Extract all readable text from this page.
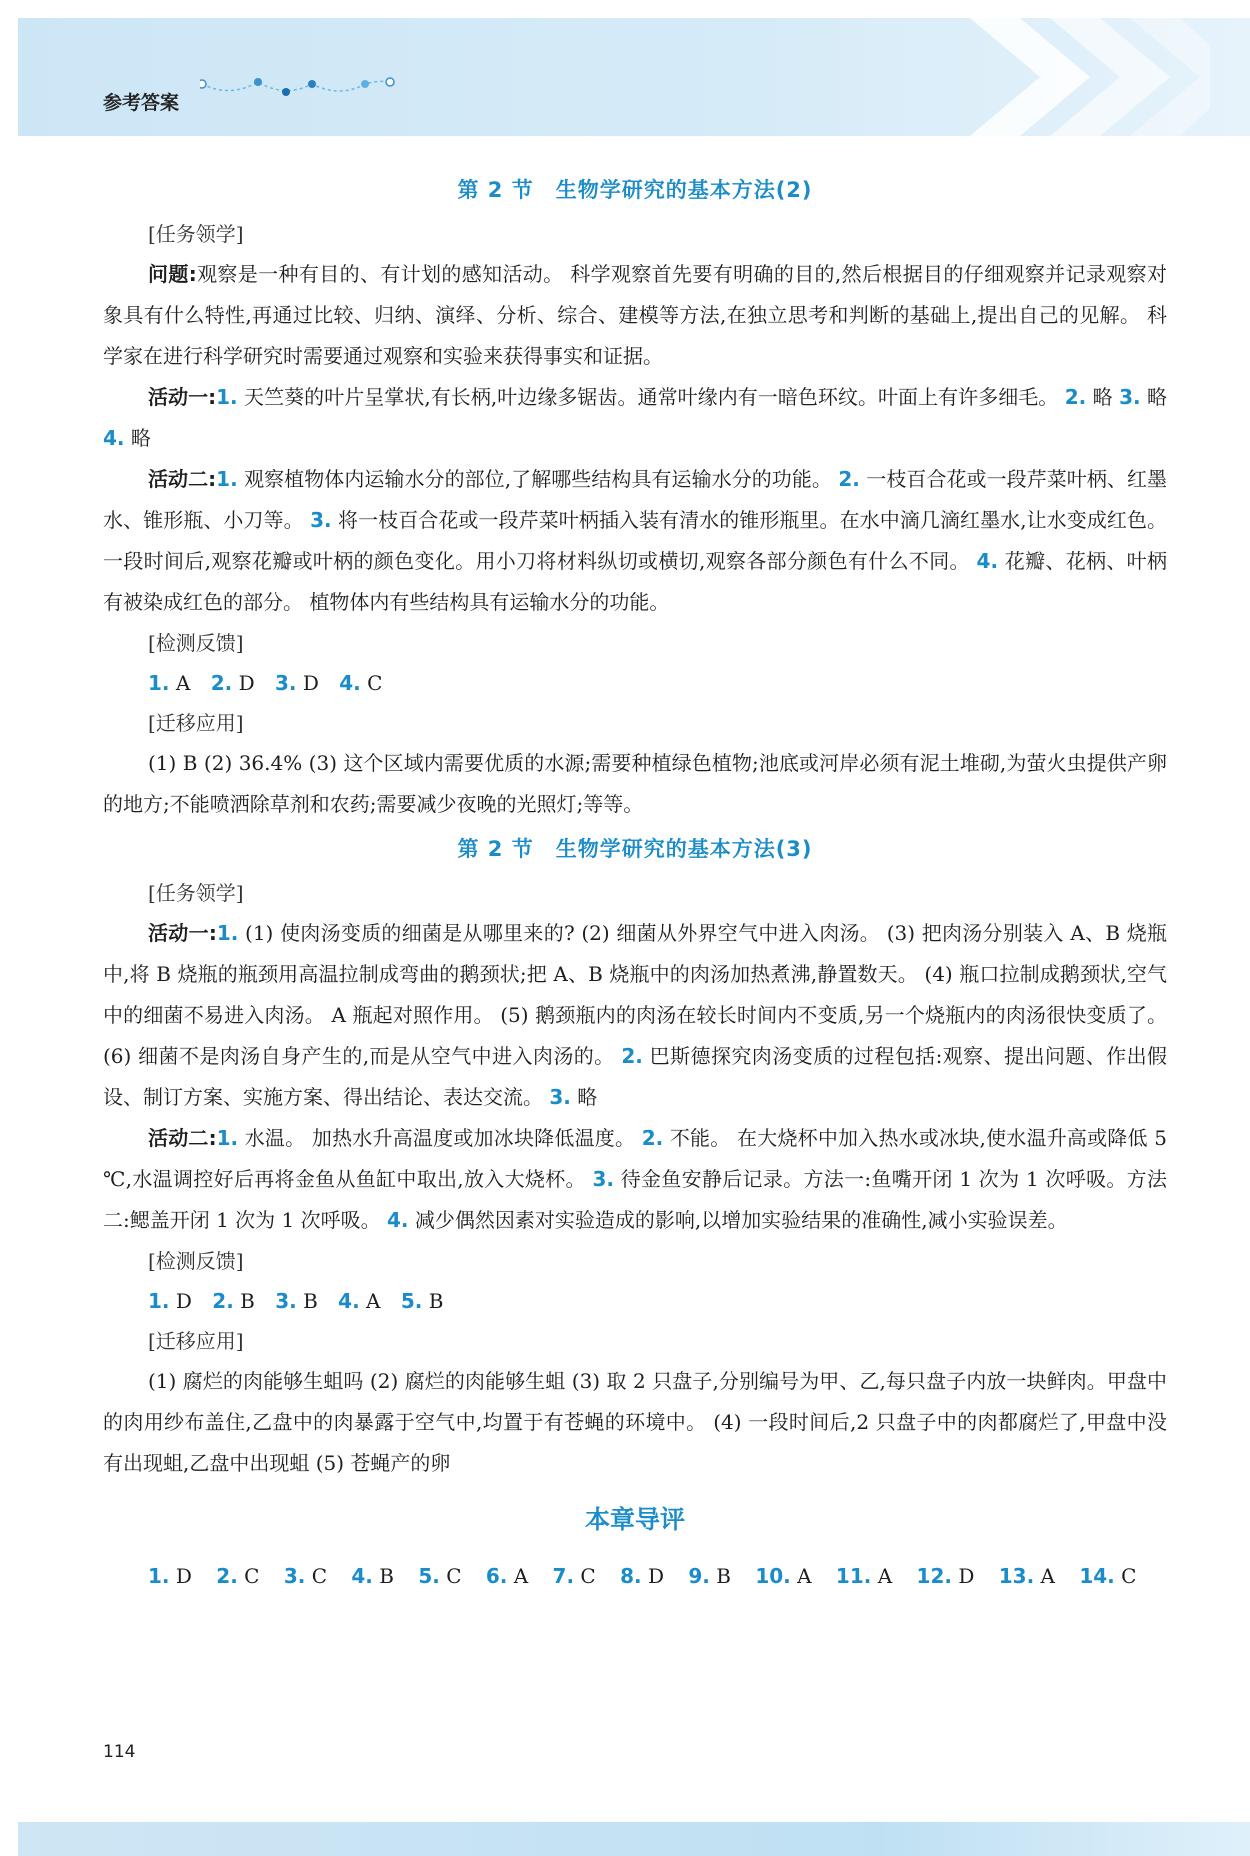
参考答案
第 2 节 生物学研究的基本方法(2)
[任务领学]

问题:观察是一种有目的、有计划的感知活动。 科学观察首先要有明确的目的,然后根据目的仔细观察并记录观察对象具有什么特性,再通过比较、归纳、演绎、分析、综合、建模等方法,在独立思考和判断的基础上,提出自己的见解。 科学家在进行科学研究时需要通过观察和实验来获得事实和证据。

活动一:1. 天竺葵的叶片呈掌状,有长柄,叶边缘多锯齿。通常叶缘内有一暗色环纹。叶面上有许多细毛。 2. 略 3. 略 4. 略

活动二:1. 观察植物体内运输水分的部位,了解哪些结构具有运输水分的功能。 2. 一枝百合花或一段芹菜叶柄、红墨水、锥形瓶、小刀等。 3. 将一枝百合花或一段芹菜叶柄插入装有清水的锥形瓶里。在水中滴几滴红墨水,让水变成红色。一段时间后,观察花瓣或叶柄的颜色变化。用小刀将材料纵切或横切,观察各部分颜色有什么不同。 4. 花瓣、花柄、叶柄有被染成红色的部分。 植物体内有些结构具有运输水分的功能。

[检测反馈]
1. A 2. D 3. D 4. C
[迁移应用]

(1) B (2) 36.4% (3) 这个区域内需要优质的水源;需要种植绿色植物;池底或河岸必须有泥土堆砌,为萤火虫提供产卵的地方;不能喷洒除草剂和农药;需要减少夜晚的光照灯;等等。

第 2 节 生物学研究的基本方法(3)
[任务领学]

活动一:1. (1) 使肉汤变质的细菌是从哪里来的? (2) 细菌从外界空气中进入肉汤。 (3) 把肉汤分别装入 A、B 烧瓶中,将 B 烧瓶的瓶颈用高温拉制成弯曲的鹅颈状;把 A、B 烧瓶中的肉汤加热煮沸,静置数天。 (4) 瓶口拉制成鹅颈状,空气中的细菌不易进入肉汤。 A 瓶起对照作用。 (5) 鹅颈瓶内的肉汤在较长时间内不变质,另一个烧瓶内的肉汤很快变质了。 (6) 细菌不是肉汤自身产生的,而是从空气中进入肉汤的。 2. 巴斯德探究肉汤变质的过程包括:观察、提出问题、作出假设、制订方案、实施方案、得出结论、表达交流。 3. 略

活动二:1. 水温。 加热水升高温度或加冰块降低温度。 2. 不能。 在大烧杯中加入热水或冰块,使水温升高或降低 5 ℃,水温调控好后再将金鱼从鱼缸中取出,放入大烧杯。 3. 待金鱼安静后记录。方法一:鱼嘴开闭 1 次为 1 次呼吸。方法二:鳃盖开闭 1 次为 1 次呼吸。 4. 减少偶然因素对实验造成的影响,以增加实验结果的准确性,减小实验误差。

[检测反馈]
1. D 2. B 3. B 4. A 5. B
[迁移应用]

(1) 腐烂的肉能够生蛆吗 (2) 腐烂的肉能够生蛆 (3) 取 2 只盘子,分别编号为甲、乙,每只盘子内放一块鲜肉。甲盘中的肉用纱布盖住,乙盘中的肉暴露于空气中,均置于有苍蝇的环境中。 (4) 一段时间后,2 只盘子中的肉都腐烂了,甲盘中没有出现蛆,乙盘中出现蛆 (5) 苍蝇产的卵

本章导评
1. D 2. C 3. C 4. B 5. C 6. A 7. C 8. D 9. B 10. A 11. A 12. D 13. A 14. C
114
